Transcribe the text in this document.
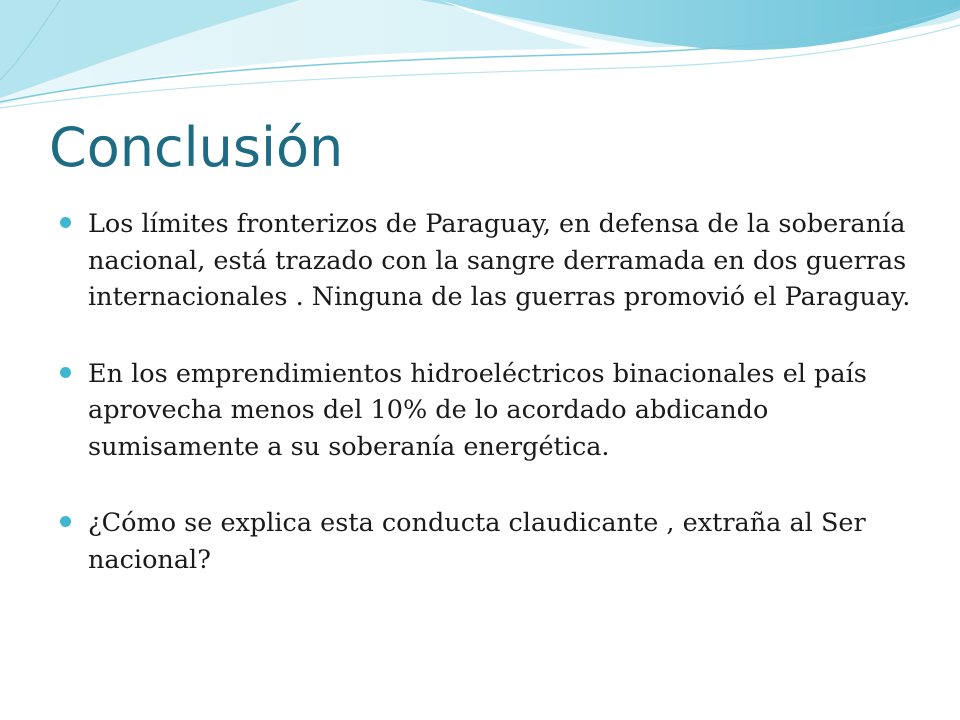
Conclusión
Los límites fronterizos de Paraguay, en defensa de la soberanía nacional, está trazado con la sangre derramada en dos guerras internacionales . Ninguna de las guerras promovió el Paraguay.
En los emprendimientos hidroeléctricos binacionales el país aprovecha menos del 10% de lo acordado abdicando sumisamente a su soberanía energética.
¿Cómo se explica esta conducta claudicante , extraña al Ser nacional?
